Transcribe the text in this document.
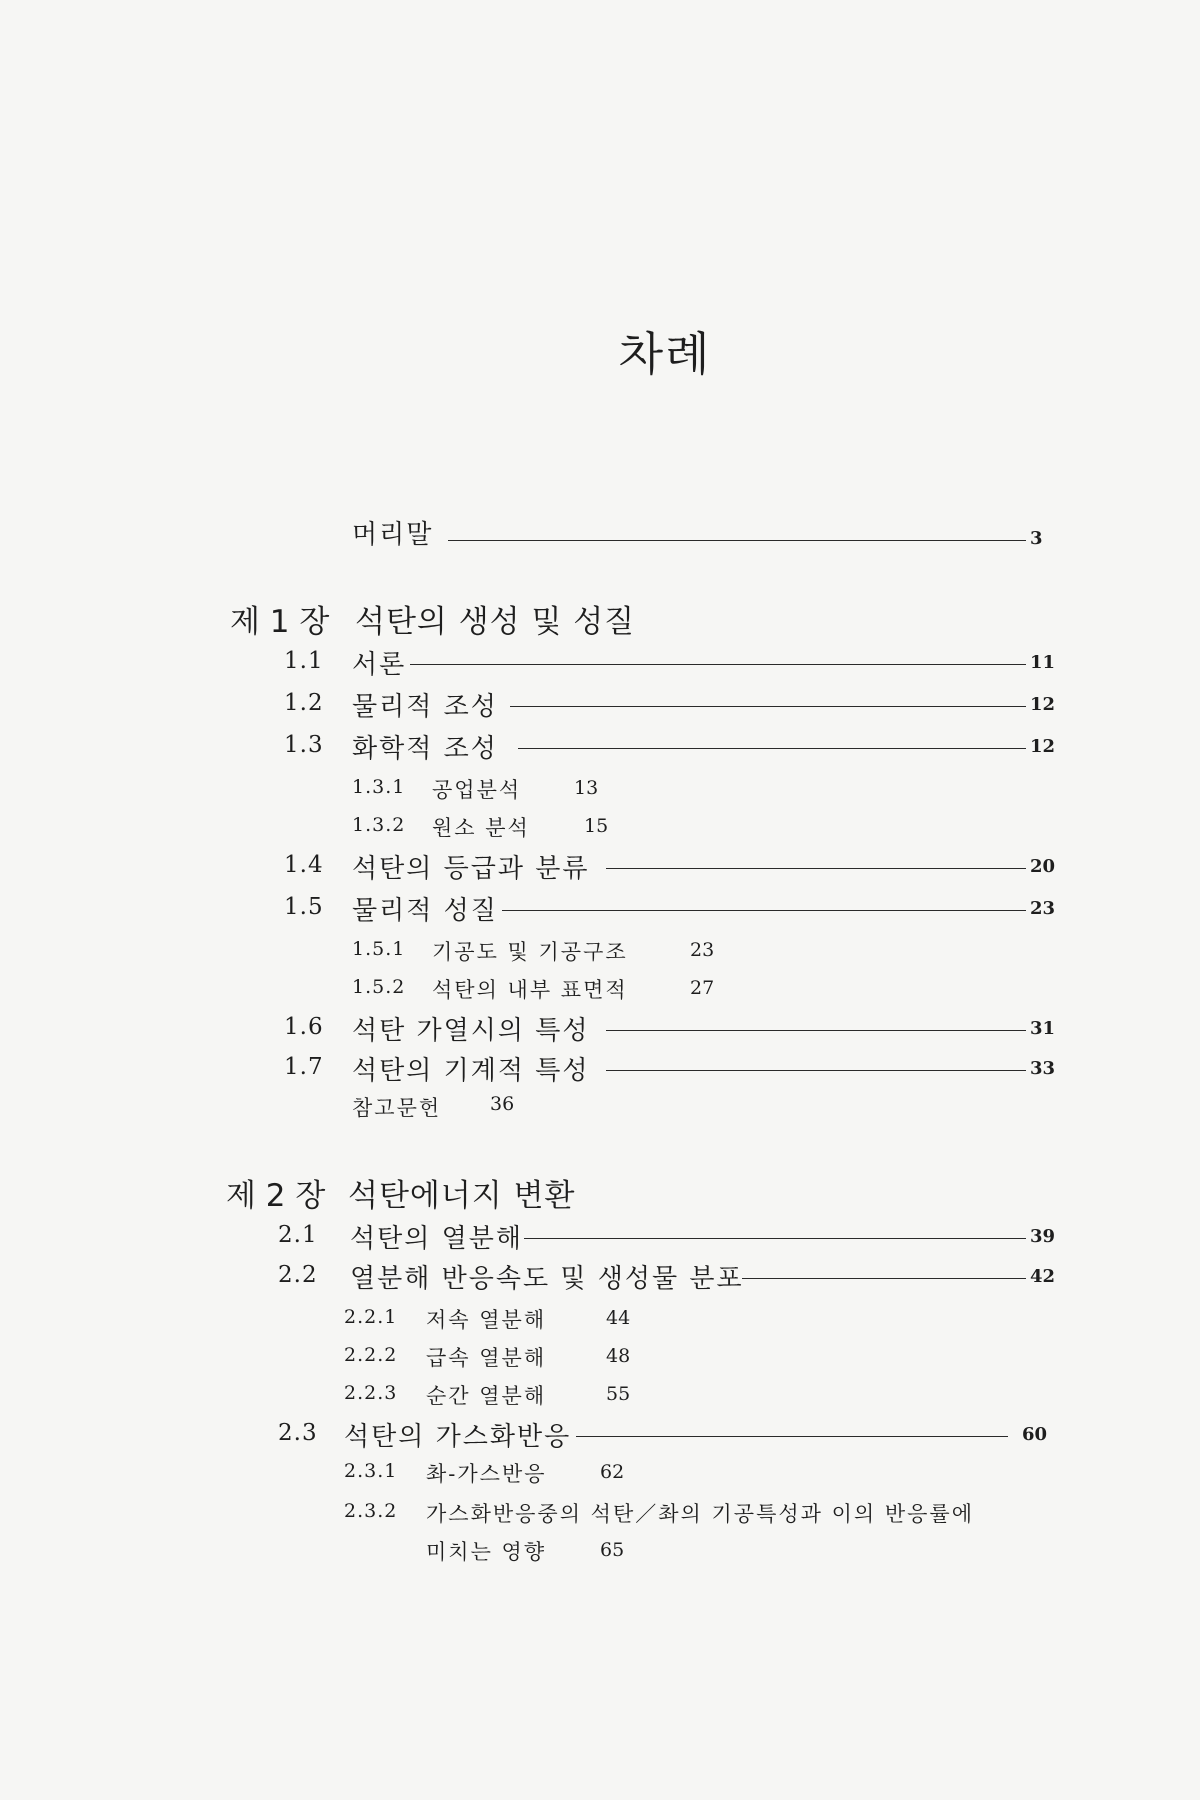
차례
머리말	3
제 1 장 석탄의 생성 및 성질
1.1 서론	11
1.2 물리적 조성	12
1.3 화학적 조성	12
1.3.1 공업분석	13
1.3.2 원소 분석	15
1.4 석탄의 등급과 분류	20
1.5 물리적 성질	23
1.5.1 기공도 및 기공구조	23
1.5.2 석탄의 내부 표면적	27
1.6 석탄 가열시의 특성	31
1.7 석탄의 기계적 특성	33
참고문헌	36
제 2 장 석탄에너지 변환
2.1 석탄의 열분해	39
2.2 열분해 반응속도 및 생성물 분포	42
2.2.1 저속 열분해	44
2.2.2 급속 열분해	48
2.2.3 순간 열분해	55
2.3 석탄의 가스화반응	60
2.3.1 촤-가스반응	62
2.3.2 가스화반응중의 석탄／촤의 기공특성과 이의 반응률에
미치는 영향	65
